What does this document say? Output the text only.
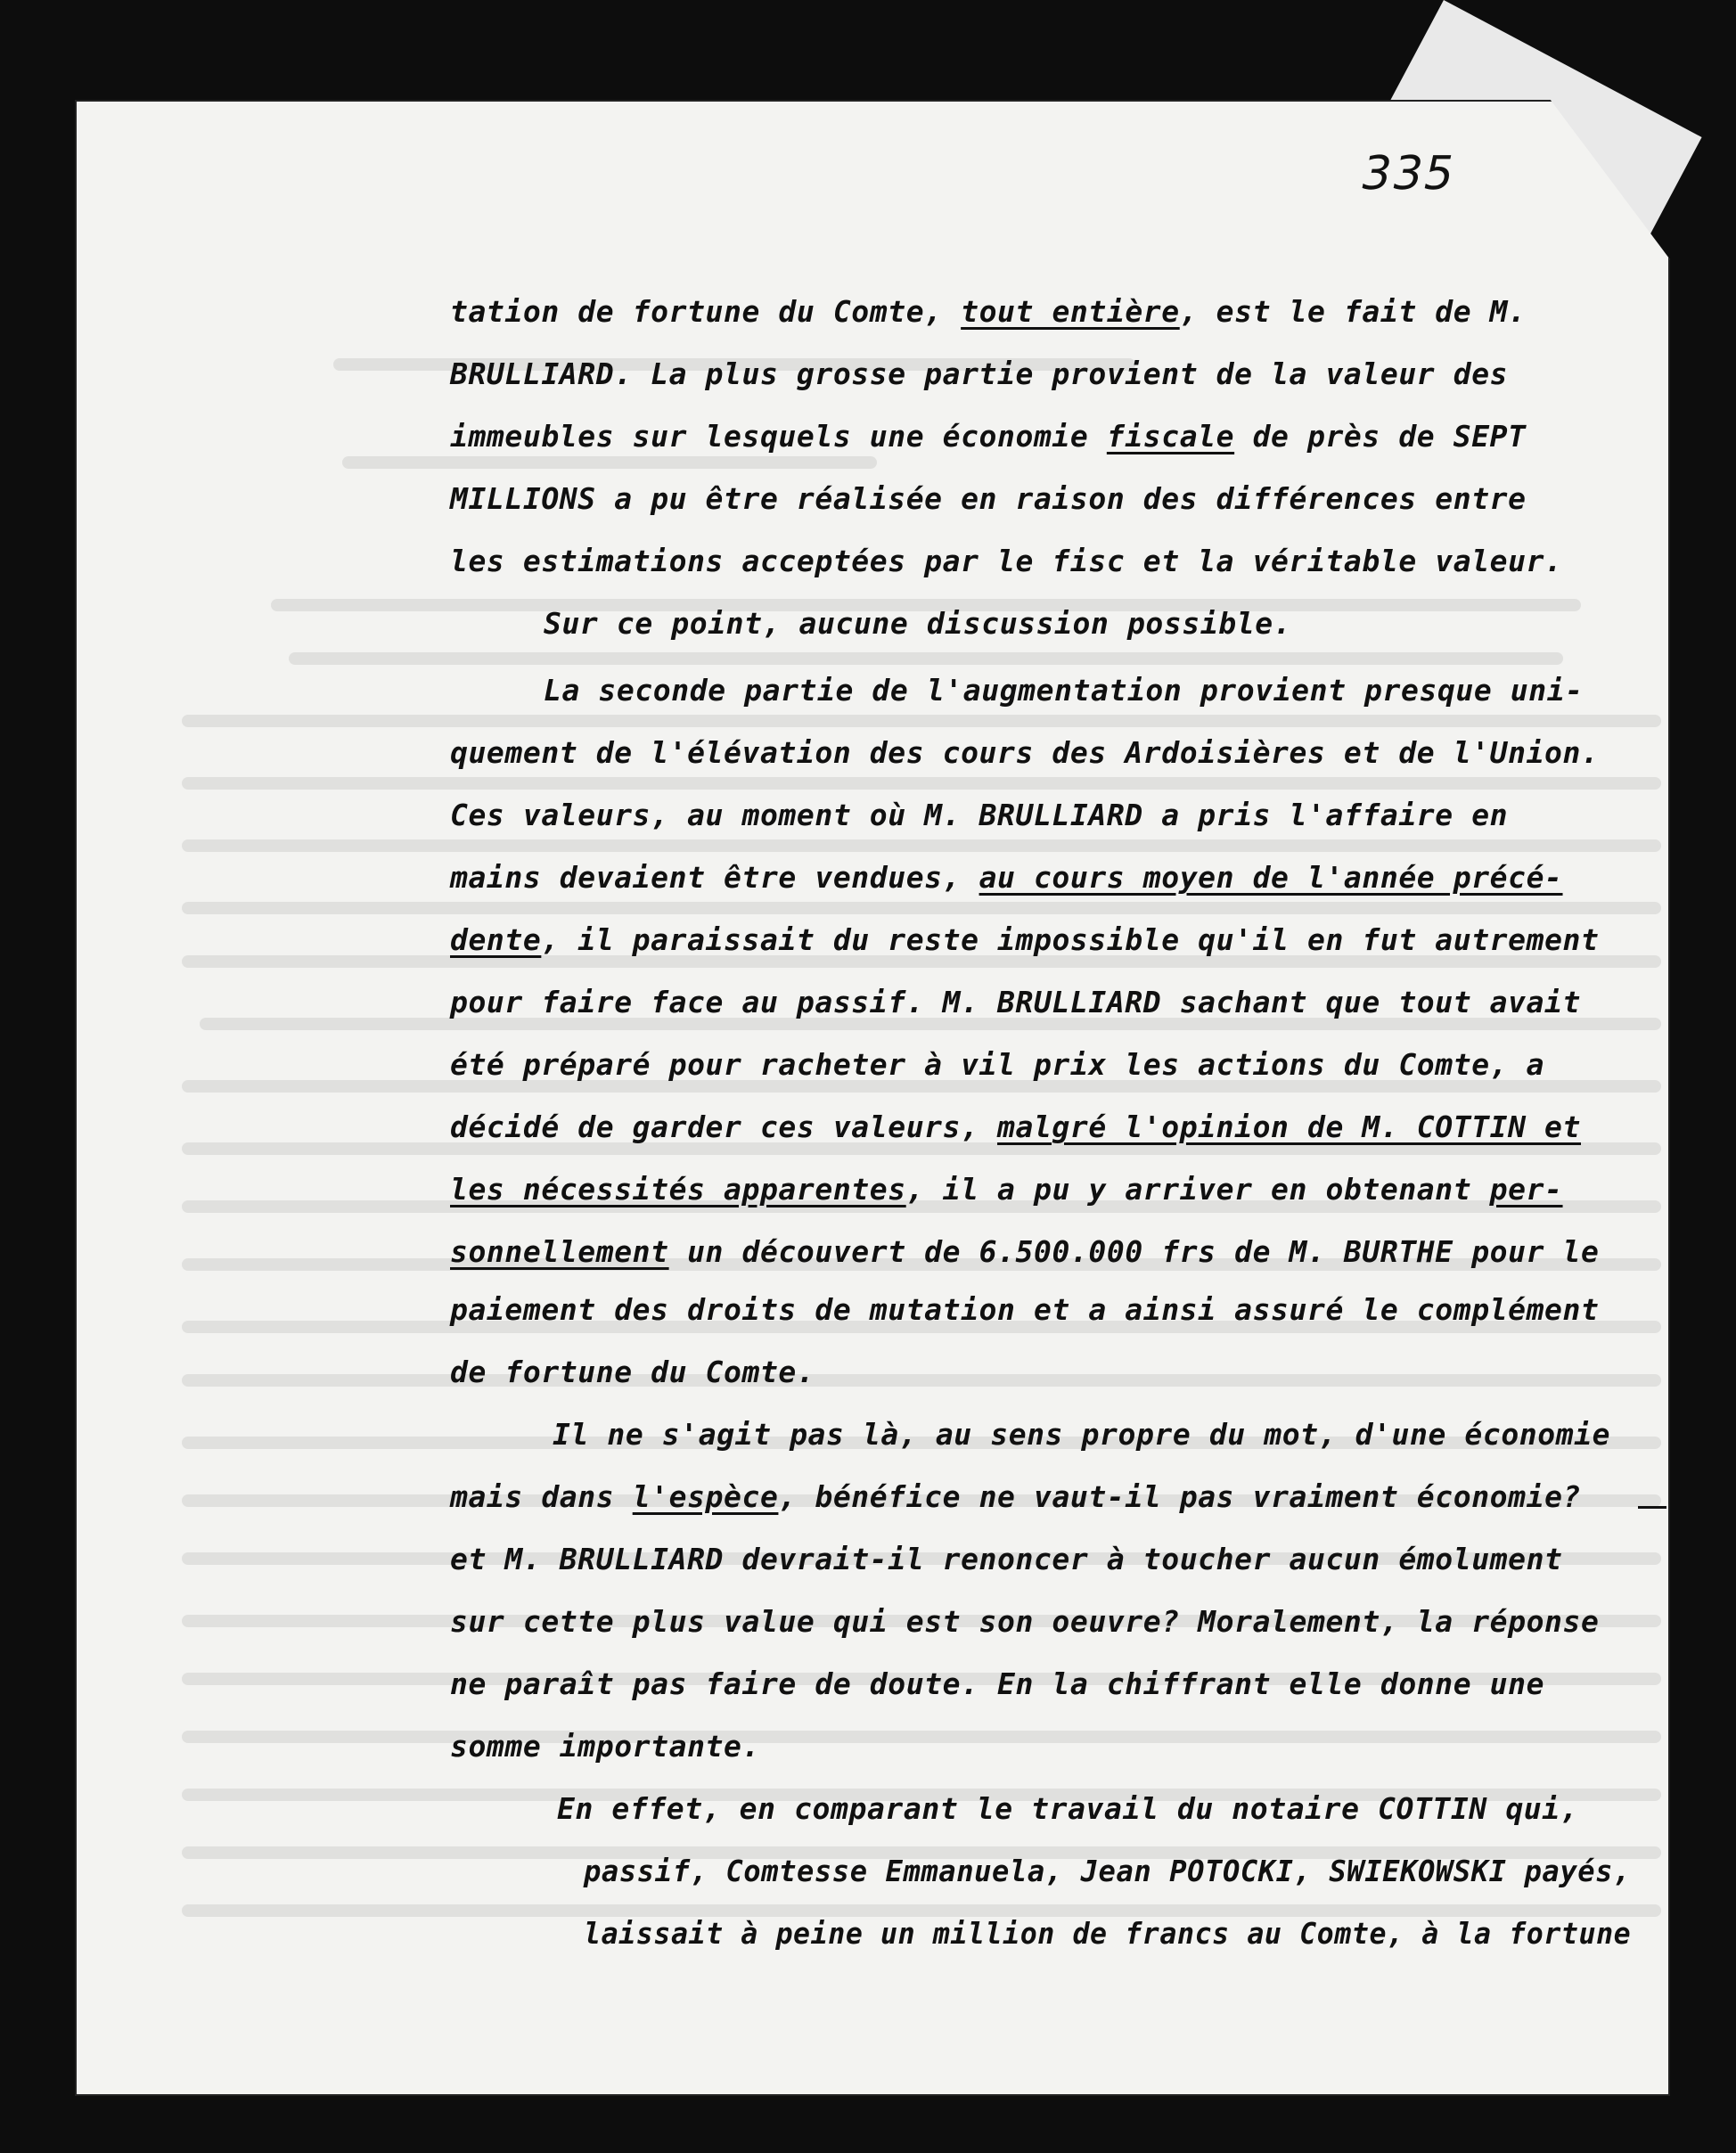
335
tation de fortune du Comte, tout entière, est le fait de M.
BRULLIARD. La plus grosse partie provient de la valeur des
immeubles sur lesquels une économie fiscale de près de SEPT
MILLIONS a pu être réalisée en raison des différences entre
les estimations acceptées par le fisc et la véritable valeur.
Sur ce point, aucune discussion possible.
La seconde partie de l'augmentation provient presque uni-
quement de l'élévation des cours des Ardoisières et de l'Union.
Ces valeurs, au moment où M. BRULLIARD a pris l'affaire en
mains devaient être vendues, au cours moyen de l'année précé-
dente, il paraissait du reste impossible qu'il en fut autrement
pour faire face au passif. M. BRULLIARD sachant que tout avait
été préparé pour racheter à vil prix les actions du Comte, a
décidé de garder ces valeurs, malgré l'opinion de M. COTTIN et
les nécessités apparentes, il a pu y arriver en obtenant per-
sonnellement un découvert de 6.500.000 frs de M. BURTHE pour le
paiement des droits de mutation et a ainsi assuré le complément
de fortune du Comte.
Il ne s'agit pas là, au sens propre du mot, d'une économie
mais dans l'espèce, bénéfice ne vaut-il pas vraiment économie?
et M. BRULLIARD devrait-il renoncer à toucher aucun émolument
sur cette plus value qui est son oeuvre? Moralement, la réponse
ne paraît pas faire de doute. En la chiffrant elle donne une
somme importante.
En effet, en comparant le travail du notaire COTTIN qui,
passif, Comtesse Emmanuela, Jean POTOCKI, SWIEKOWSKI payés,
laissait à peine un million de francs au Comte, à la fortune
